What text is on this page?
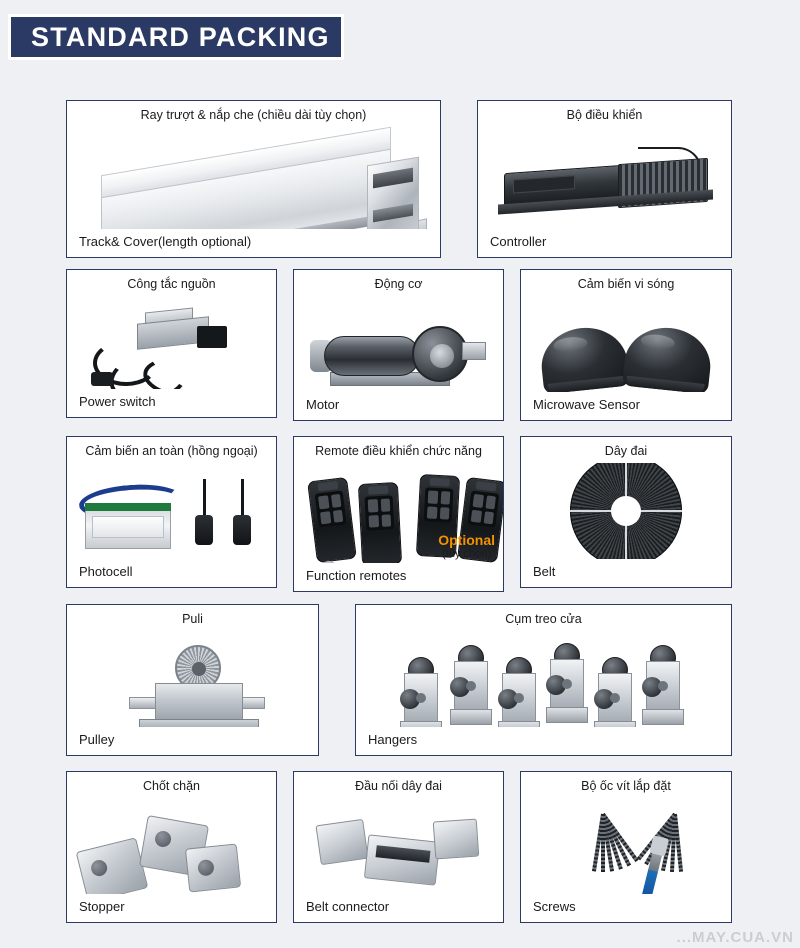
STANDARD PACKING
Ray trượt & nắp che (chiều dài tùy chọn)
Track& Cover(length optional)
Bộ điều khiển
Controller
Công tắc nguồn
Power switch
Động cơ
Motor
Cảm biến vi sóng
Microwave Sensor
Cảm biến an toàn (hồng ngoại)
Photocell
Remote điều khiển chức năng
Optional
(tùy chọn)
Function remotes
Dây đai
Belt
Puli
Pulley
Cụm treo cửa
Hangers
Chốt chặn
Stopper
Đầu nối dây đai
Belt connector
Bộ ốc vít lắp đặt
Screws
...MAY.CUA.VN
